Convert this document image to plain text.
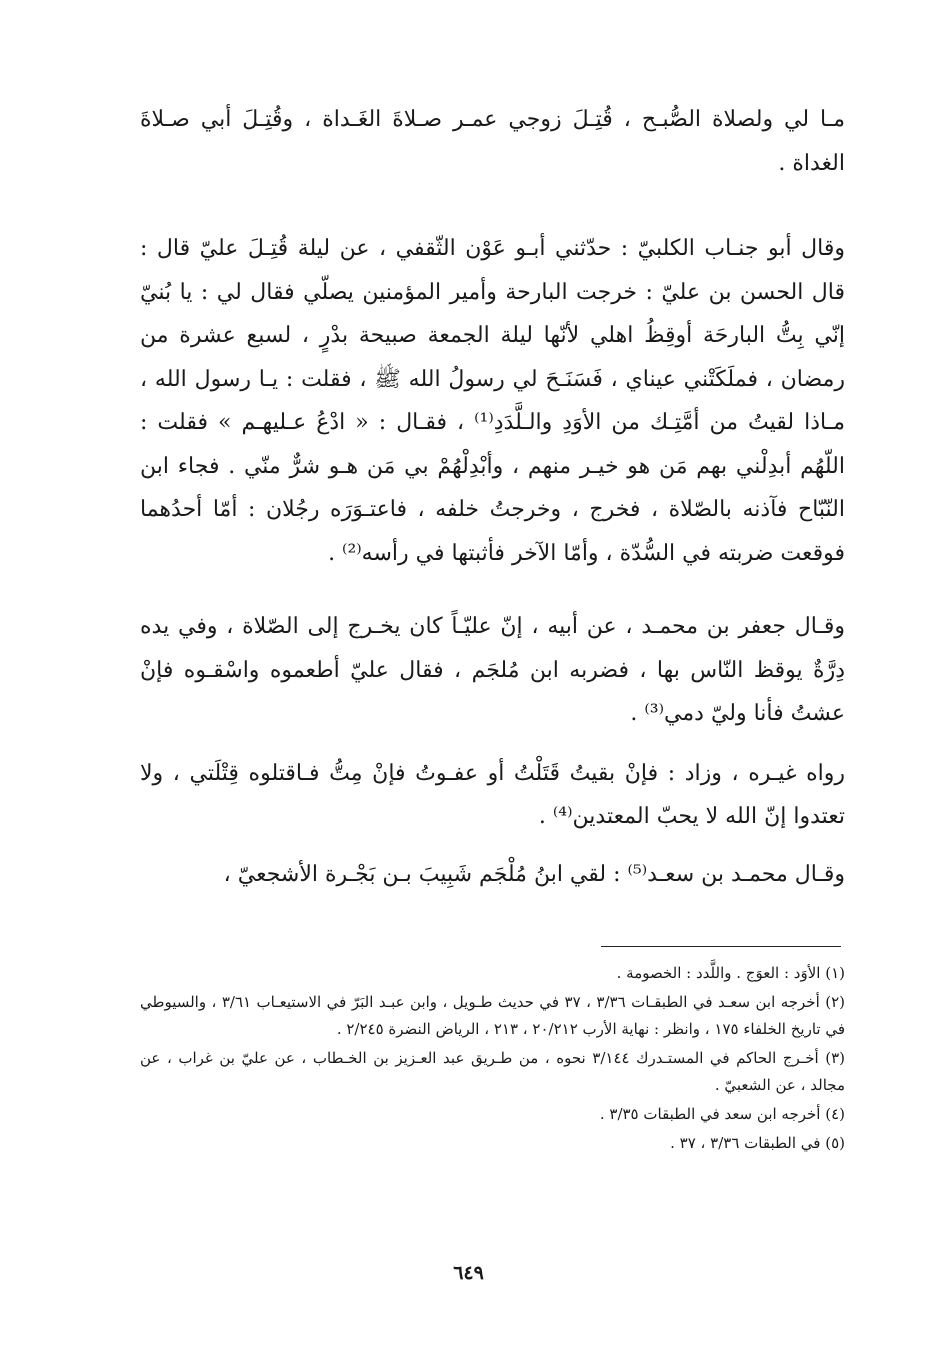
مـا لي ولصلاة الصُّبـح ، قُتِـلَ زوجي عمـر صـلاةَ الغَـداة ، وقُتِـلَ أبي صـلاةَ الغداة .

وقال أبو جنـاب الكلبيّ : حدّثني أبـو عَوْن الثّقفي ، عن ليلة قُتِـلَ عليّ قال : قال الحسن بن عليّ : خرجت البارحة وأمير المؤمنين يصلّي فقال لي : يا بُنيّ إنّي بِتُّ البارحَة أوقِظُ اهلي لأنّها ليلة الجمعة صبيحة بدْرٍ ، لسبع عشرة من رمضان ، فملَكَتْني عيناي ، فَسَنَـحَ لي رسولُ الله ﷺ ، فقلت : يـا رسول الله ، مـاذا لقيتُ من أمَّتِـك من الأوَدِ والـلَّدَدِ⁽¹⁾ ، فقـال : « ادْعُ عـليهـم » فقلت : اللّهُم أبدِلْني بهم مَن هو خيـر منهم ، وأبْدِلْهُمْ بي مَن هـو شرٌّ منّي . فجاء ابن النّبّاح فآذنه بالصّلاة ، فخرج ، وخرجتُ خلفه ، فاعتـوَرَه رجُلان : أمّا أحدُهما فوقعت ضربته في السُّدّة ، وأمّا الآخر فأثبتها في رأسه⁽²⁾ .

وقـال جعفر بن محمـد ، عن أبيه ، إنّ عليّـاً كان يخـرج إلى الصّلاة ، وفي يده دِرَّةٌ يوقظ النّاس بها ، فضربه ابن مُلجَم ، فقال عليّ أطعموه واسْقـوه فإنْ عشتُ فأنا وليّ دمي⁽³⁾ .

رواه غيـره ، وزاد : فإنْ بقيتُ قَتَلْتُ أو عفـوتُ فإنْ مِتُّ فـاقتلوه قِتْلَتي ، ولا تعتدوا إنّ الله لا يحبّ المعتدين⁽⁴⁾ .

وقـال محمـد بن سعـد⁽⁵⁾ : لقي ابنُ مُلْجَم شَبِيبَ بـن بَجْـرة الأشجعيّ ،

(١) الأوَد : العوَج . واللَّدد : الخصومة .

(٢) أخرجه ابن سعـد في الطبقـات ٣/٣٦ ، ٣٧ في حديث طـويل ، وابن عبـد البَرّ في الاستيعـاب ٣/٦١ ، والسيوطي في تاريخ الخلفاء ١٧٥ ، وانظر : نهاية الأرب ٢٠/٢١٢ ، ٢١٣ ، الرياض النضرة ٢/٢٤٥ .

(٣) أخـرج الحاكم في المستـدرك ٣/١٤٤ نحوه ، من طـريق عبد العـزيز بن الخـطاب ، عن عليّ بن غراب ، عن مجالد ، عن الشعبيّ .

(٤) أخرجه ابن سعد في الطبقات ٣/٣٥ .

(٥) في الطبقات ٣/٣٦ ، ٣٧ .

٦٤٩
